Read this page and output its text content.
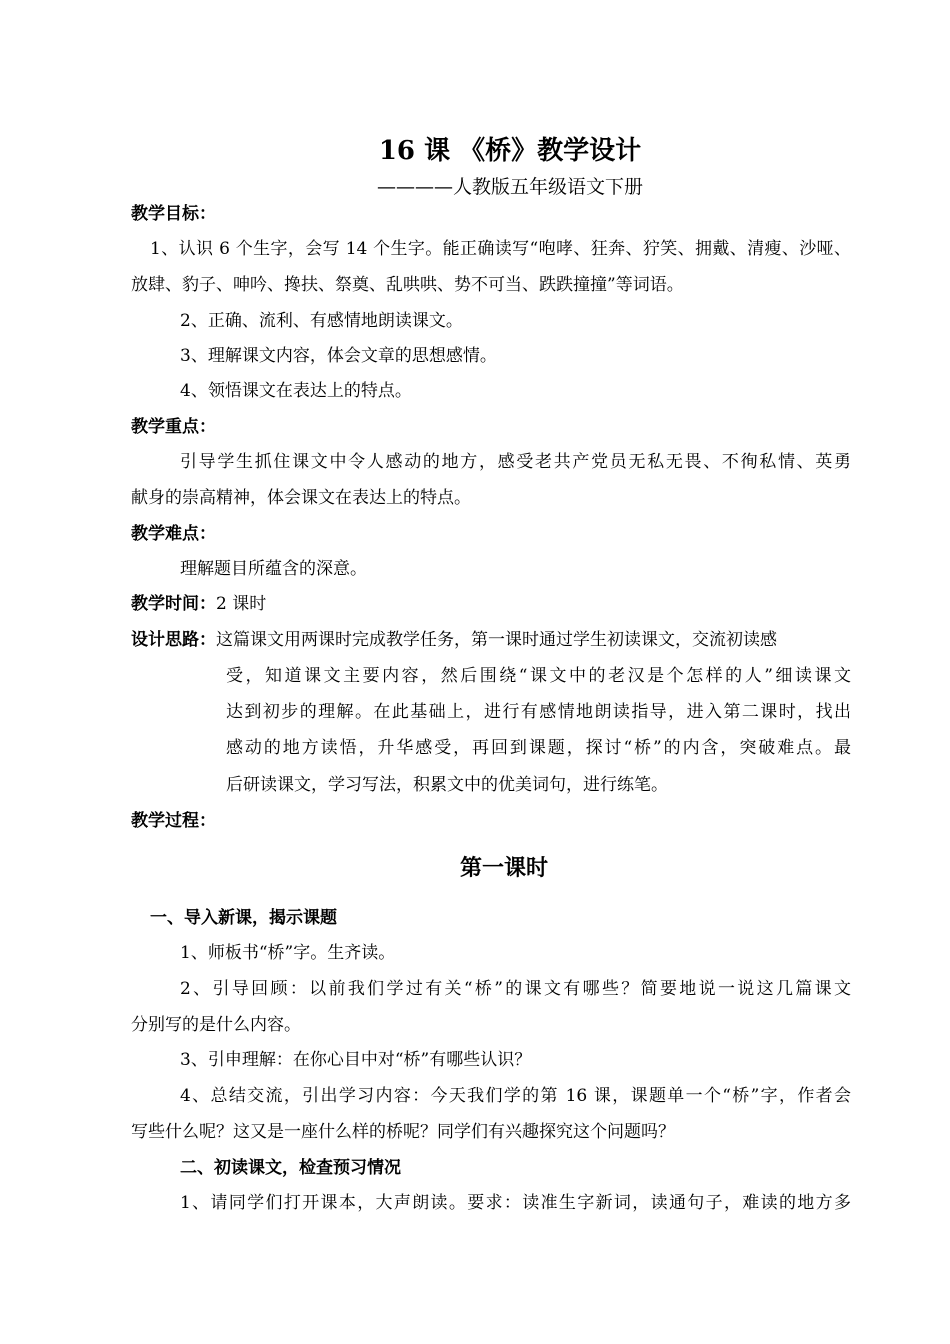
16 课 《桥》教学设计
————人教版五年级语文下册
教学目标：
1、认识 6 个生字，会写 14 个生字。能正确读写“咆哮、狂奔、狞笑、拥戴、清瘦、沙哑、
放肆、豹子、呻吟、搀扶、祭奠、乱哄哄、势不可当、跌跌撞撞”等词语。
2、正确、流利、有感情地朗读课文。
3、理解课文内容，体会文章的思想感情。
4、领悟课文在表达上的特点。
教学重点：
引导学生抓住课文中令人感动的地方，感受老共产党员无私无畏、不徇私情、英勇
献身的崇高精神，体会课文在表达上的特点。
教学难点：
理解题目所蕴含的深意。
教学时间：2 课时
设计思路：这篇课文用两课时完成教学任务，第一课时通过学生初读课文，交流初读感
受，知道课文主要内容，然后围绕“课文中的老汉是个怎样的人”细读课文
达到初步的理解。在此基础上，进行有感情地朗读指导，进入第二课时，找出
感动的地方读悟，升华感受，再回到课题，探讨“桥”的内含，突破难点。最
后研读课文，学习写法，积累文中的优美词句，进行练笔。
教学过程：
第一课时
一、导入新课，揭示课题
1、师板书“桥”字。生齐读。
2、引导回顾：以前我们学过有关“桥”的课文有哪些？简要地说一说这几篇课文
分别写的是什么内容。
3、引申理解：在你心目中对“桥”有哪些认识？
4、总结交流，引出学习内容：今天我们学的第 16 课，课题单一个“桥”字，作者会
写些什么呢？这又是一座什么样的桥呢？同学们有兴趣探究这个问题吗？
二、初读课文，检查预习情况
1、请同学们打开课本，大声朗读。要求：读准生字新词，读通句子，难读的地方多
